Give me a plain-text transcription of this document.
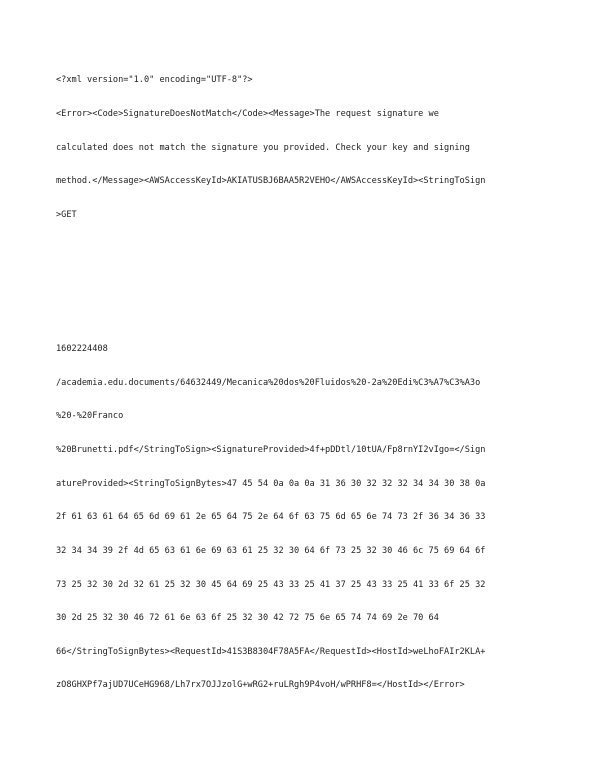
<?xml version="1.0" encoding="UTF-8"?>

<Error><Code>SignatureDoesNotMatch</Code><Message>The request signature we

calculated does not match the signature you provided. Check your key and signing

method.</Message><AWSAccessKeyId>AKIATUSBJ6BAA5R2VEHO</AWSAccessKeyId><StringToSign

>GET

1602224408

/academia.edu.documents/64632449/Mecanica%20dos%20Fluidos%20-2a%20Edi%C3%A7%C3%A3o

%20-%20Franco

%20Brunetti.pdf</StringToSign><SignatureProvided>4f+pDDtl/10tUA/Fp8rnYI2vIgo=</Sign

atureProvided><StringToSignBytes>47 45 54 0a 0a 0a 31 36 30 32 32 32 34 34 30 38 0a

2f 61 63 61 64 65 6d 69 61 2e 65 64 75 2e 64 6f 63 75 6d 65 6e 74 73 2f 36 34 36 33

32 34 34 39 2f 4d 65 63 61 6e 69 63 61 25 32 30 64 6f 73 25 32 30 46 6c 75 69 64 6f

73 25 32 30 2d 32 61 25 32 30 45 64 69 25 43 33 25 41 37 25 43 33 25 41 33 6f 25 32

30 2d 25 32 30 46 72 61 6e 63 6f 25 32 30 42 72 75 6e 65 74 74 69 2e 70 64

66</StringToSignBytes><RequestId>41S3B8304F78A5FA</RequestId><HostId>weLhoFAIr2KLA+

zO8GHXPf7ajUD7UCeHG968/Lh7rx7OJJzolG+wRG2+ruLRgh9P4voH/wPRHF8=</HostId></Error>
